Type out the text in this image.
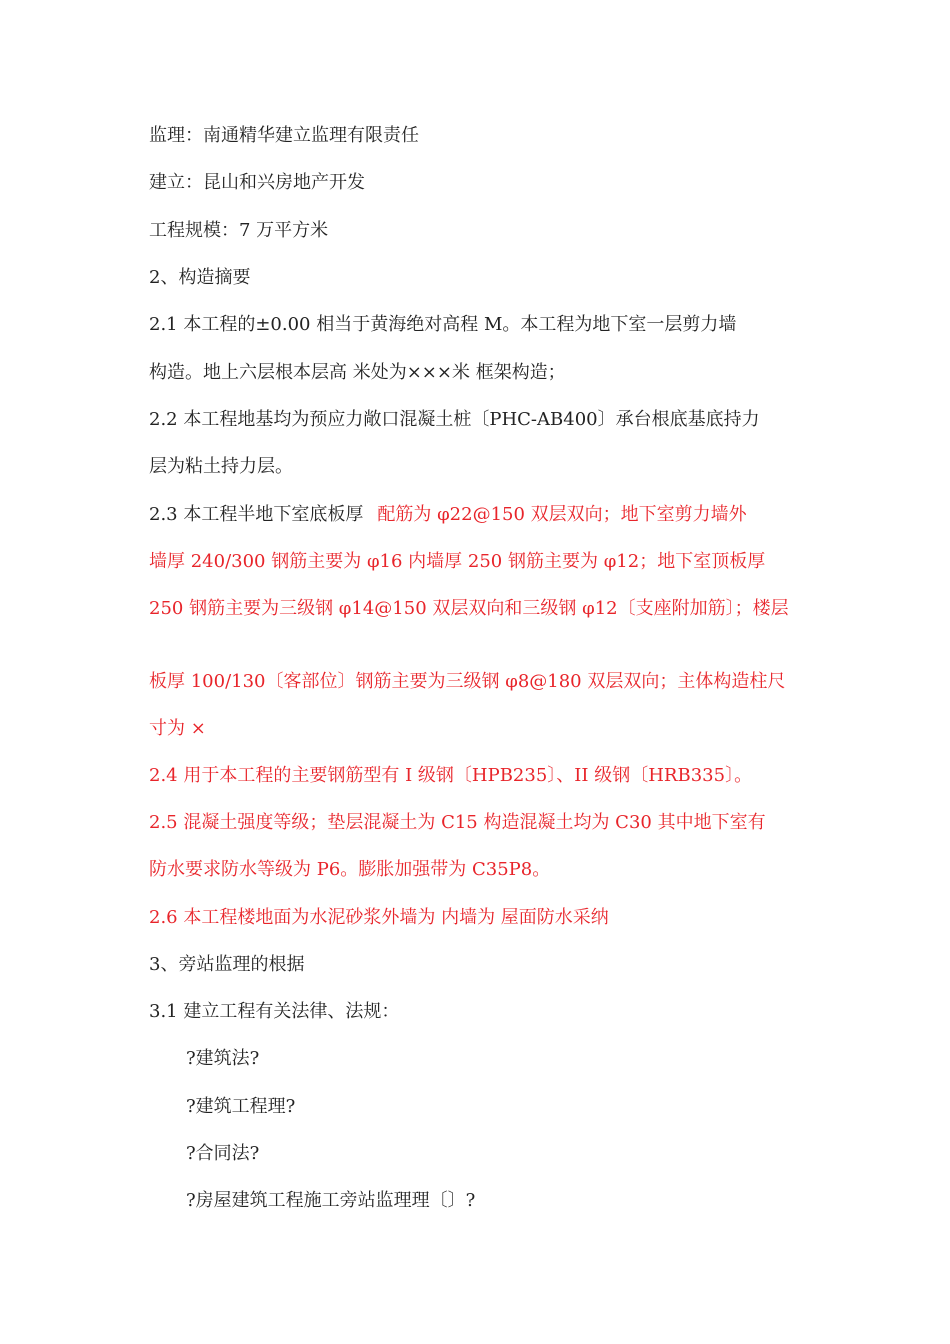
监理：南通精华建立监理有限责任
建立：昆山和兴房地产开发
工程规模：7 万平方米
2、构造摘要
2.1 本工程的±0.00 相当于黄海绝对高程 M。本工程为地下室一层剪力墙
构造。地上六层根本层高 米处为×××米 框架构造；
2.2 本工程地基均为预应力敞口混凝土桩〔PHC-AB400〕承台根底基底持力
层为粘土持力层。
2.3 本工程半地下室底板厚 配筋为 φ22@150 双层双向；地下室剪力墙外
墙厚 240/300 钢筋主要为 φ16 内墙厚 250 钢筋主要为 φ12；地下室顶板厚
250 钢筋主要为三级钢 φ14@150 双层双向和三级钢 φ12〔支座附加筋〕；楼层
板厚 100/130〔客部位〕钢筋主要为三级钢 φ8@180 双层双向；主体构造柱尺
寸为 ×
2.4 用于本工程的主要钢筋型有 I 级钢〔HPB235〕、II 级钢〔HRB335〕。
2.5 混凝土强度等级；垫层混凝土为 C15 构造混凝土均为 C30 其中地下室有
防水要求防水等级为 P6。膨胀加强带为 C35P8。
2.6 本工程楼地面为水泥砂浆外墙为 内墙为 屋面防水采纳
3、旁站监理的根据
3.1 建立工程有关法律、法规：
?建筑法?
?建筑工程理?
?合同法?
?房屋建筑工程施工旁站监理理〔〕?
